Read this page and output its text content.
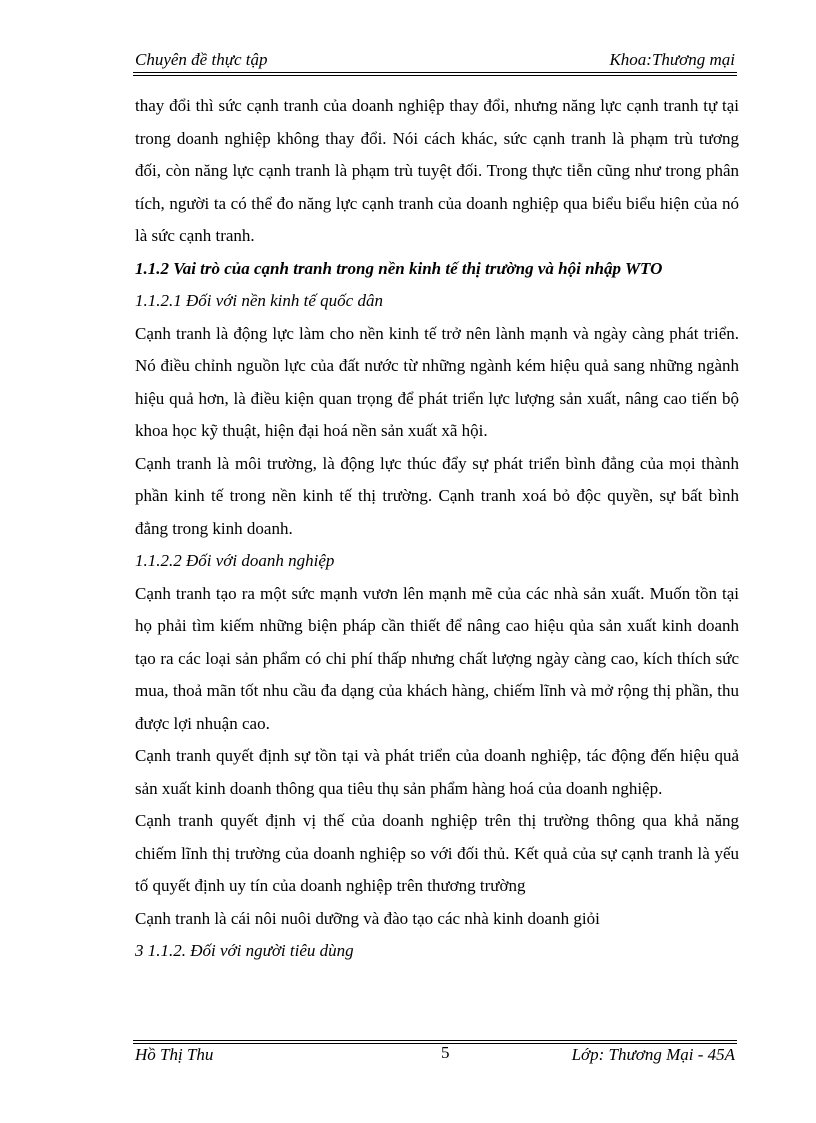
Chuyên đề thực tập	Khoa:Thương mại

thay đổi thì sức cạnh tranh của doanh nghiệp thay đổi, nhưng năng lực cạnh tranh tự tại trong doanh nghiệp không thay đổi. Nói cách khác, sức cạnh tranh là phạm trù tương đối, còn năng lực cạnh tranh là phạm trù tuyệt đối. Trong thực tiễn cũng như trong phân tích, người ta có thể đo năng lực cạnh tranh của doanh nghiệp qua biểu biểu hiện của nó là sức cạnh tranh.

1.1.2 Vai trò của cạnh tranh trong nền kinh tế thị trường và hội nhập WTO

1.1.2.1 Đối với nền kinh tế quốc dân

Cạnh tranh là động lực làm cho nền kinh tế trở nên lành mạnh và ngày càng phát triển. Nó điều chỉnh nguồn lực của đất nước từ những ngành kém hiệu quả sang những ngành hiệu quả hơn, là điều kiện quan trọng để phát triển lực lượng sản xuất, nâng cao tiến bộ khoa học kỹ thuật, hiện đại hoá nền sản xuất xã hội.

Cạnh tranh là môi trường, là động lực thúc đẩy sự phát triển bình đẳng của mọi thành phần kinh tế trong nền kinh tế thị trường. Cạnh tranh xoá bỏ độc quyền, sự bất bình đẳng trong kinh doanh.

1.1.2.2 Đối với doanh nghiệp

Cạnh tranh tạo ra một sức mạnh vươn lên mạnh mẽ của các nhà sản xuất. Muốn tồn tại họ phải tìm kiếm những biện pháp cần thiết để nâng cao hiệu qủa sản xuất kinh doanh tạo ra các loại sản phẩm có chi phí thấp nhưng chất lượng ngày càng cao, kích thích sức mua, thoả mãn tốt nhu cầu đa dạng của khách hàng, chiếm lĩnh và mở rộng thị phần, thu được lợi nhuận cao.

Cạnh tranh quyết định sự tồn tại và phát triển của doanh nghiệp, tác động đến hiệu quả sản xuất kinh doanh thông qua tiêu thụ sản phẩm hàng hoá của doanh nghiệp.

Cạnh tranh quyết định vị thế của doanh nghiệp trên thị trường thông qua khả năng chiếm lĩnh thị trường của doanh nghiệp so với đối thủ. Kết quả của sự cạnh tranh là yếu tố quyết định uy tín của doanh nghiệp trên thương trường

Cạnh tranh là cái nôi nuôi dưỡng và đào tạo các nhà kinh doanh giỏi

3 1.1.2. Đối với người tiêu dùng

Hồ Thị Thu	5	Lớp: Thương Mại - 45A
